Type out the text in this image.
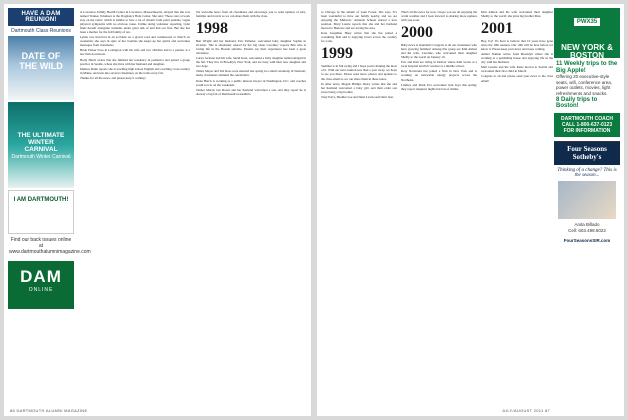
HAVE A DAM REUNION!
Dartmouth Class Reunions
DATE OF THE WILD
THE ULTIMATE WINTER CARNIVAL
Dartmouth Winter Carnival
I AM DARTMOUTH!
Find our back issues online at
www.dartmouthalumnimagazine.com
DAM
ONLINE

at Lawrence Family Health Center in Lawrence, Massachusetts, relayed that she was named Trainee Volunteer at the Pregnancy Help Center. She said, 'Those stars at work stay on my radar,' which is similar to how a lot of chronic fault point patients, vague physical symptoms with no obvious cause. Unlike doing volunteer reporting, Lynn finds herself alongside residents under great talk of and had our first. But she has been a mother for the full family of ten.

Lynne was involved in an accident on a gravel road and volunteered at church on weekends; she says in spite of her troubles she keeps up her spirits and welcomes messages from classmates.

Brian Parker lives in Lexington with his wife and two children and is a partner at a law firm downtown.

Holly Hatch writes that she finished her residency in pediatrics and joined a group practice in Seattle, where she lives with her husband and daughter.

Melissa Dunn reports she is teaching high school English and coaching cross-country in Maine, and runs into several classmates on the trails every fall.

Thanks for all the news, and please keep it coming!

We welcome news from all classmates and encourage you to send updates of jobs, families and travels so we can share them with the class.

1998

Ben Wright and her husband, Eric Pelletier, welcomed baby daughter Sophie in October. 'She is absolutely adored by her big sister Caroline,' reports Ben who is loving life in the Boston suburbs. Parents say their experience has been a great adventure.

Carter Jackson and his wife, Sarah Kass, welcomed a baby daughter named Abigail in the fall. They live in Brooklyn, New York, and are busy with their new daughter and two dogs.

Tamra Meyer and Ted Ross were married last spring in a small ceremony in Vermont; many classmates attended the celebration.

Dana Harris is working as a public interest lawyer in Washington, D.C. and coaches youth soccer on the weekends.

Tanner Morris van Doorn and her husband welcomed a son, and they report he is already a big fan of Dartmouth sweatshirts.

86 DARTMOUTH ALUMNI MAGAZINE

to Chicago in the suburb of Lake Forest. She says, 'It's been wonderful to have our family nearby, and we are enjoying the Midwest.' Amanda Schoen started a new position. Mary Laurie reports that she and her husband moved to Hanover and are loving the area.

Kate Josephine Huey writes that she has joined a consulting firm and is enjoying travel across the country for work.

1999

Summer is in full swing and I hope you're making the most of it. With our next reunion less than a year away, we hope to see you there. Please send news, photos and updates to the class email so we can share them in these notes.

In other news, Megan Phillips Drury writes that she and her husband welcomed a baby girl, and their older son loves being a big brother.

Tony Perry, Heather Lee and Dana Lewis send their best.

That's all the news for now. I hope you are all enjoying the warm weather and I look forward to sharing more updates with you soon.

2000

Baby news is abundant! Congrats to all our classmates who have growing families! Among this group are Kim Almon and his wife, Caroline, who welcomed their daughter Shelby to the world on January 16.

Eric and Kim are living in Denver where Kim works at a local hospital and Eric teaches at a middle school.

Rory Norstrand has joined a firm in New York and is working on renewable energy projects across the Northeast.

Lindsey and Mark Fox welcomed twin boys this spring; they report sleepless nights but lots of smiles.

Kim Almon and his wife welcomed their daughter Shelby to the world; she joins big brother Max.

2001

Hey, Ivy! It's hard to believe that 10 years have gone since the 10th reunion. Our 10th will be here before we know it. Please keep your news and notes coming.

Amber Nathan writes from Brooklyn where she is working at a publishing house and enjoying life in the city with her husband.

Matt Greene and his wife Katie moved to Seattle and welcomed their first child in March.

Congrats to all and please send your news to the class email!

PWX35
NEW YORK & BOSTON
11 Weekly trips to the Big Apple!
Offering 20 executive-style seats, wifi, conference area, power outlets, movies, light refreshments and snacks.
8 Daily trips to Boston!
DARTMOUTH COACH
CALL 1-800-637-0123 FOR INFORMATION
Four Seasons Sotheby's
Thinking of a change? This is the season...
Anita Billado
Cell: 603.498.6022
FourSeasonsSIR.com
JULY/AUGUST 2011 87
